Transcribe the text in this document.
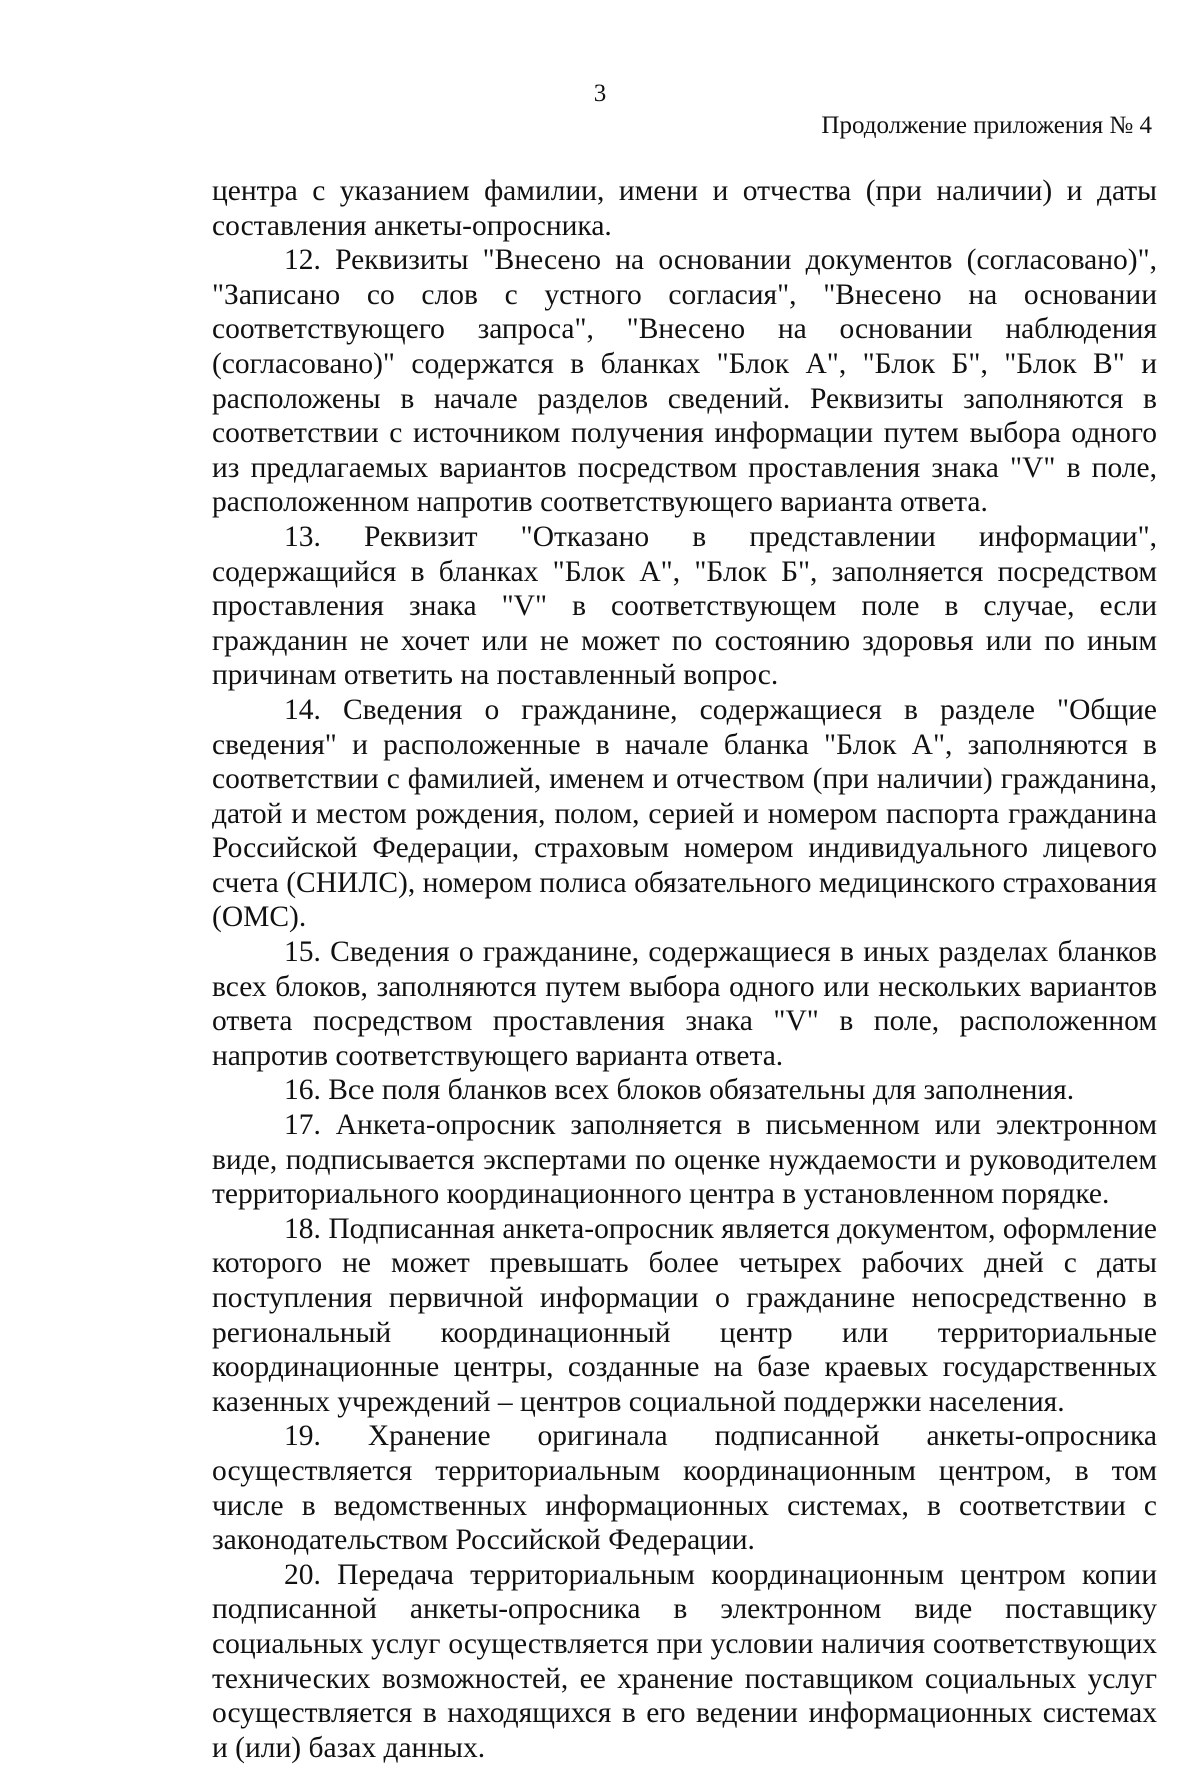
3
Продолжение приложения № 4

центра с указанием фамилии, имени и отчества (при наличии) и даты составления анкеты-опросника.

12. Реквизиты "Внесено на основании документов (согласовано)", "Записано со слов с устного согласия", "Внесено на основании соответствующего запроса", "Внесено на основании наблюдения (согласовано)" содержатся в бланках "Блок А", "Блок Б", "Блок В" и расположены в начале разделов сведений. Реквизиты заполняются в соответствии с источником получения информации путем выбора одного из предлагаемых вариантов посредством проставления знака "V" в поле, расположенном напротив соответствующего варианта ответа.

13. Реквизит "Отказано в представлении информации", содержащийся в бланках "Блок А", "Блок Б", заполняется посредством проставления знака "V" в соответствующем поле в случае, если гражданин не хочет или не может по состоянию здоровья или по иным причинам ответить на поставленный вопрос.

14. Сведения о гражданине, содержащиеся в разделе "Общие сведения" и расположенные в начале бланка "Блок А", заполняются в соответствии с фамилией, именем и отчеством (при наличии) гражданина, датой и местом рождения, полом, серией и номером паспорта гражданина Российской Федерации, страховым номером индивидуального лицевого счета (СНИЛС), номером полиса обязательного медицинского страхования (ОМС).

15. Сведения о гражданине, содержащиеся в иных разделах бланков всех блоков, заполняются путем выбора одного или нескольких вариантов ответа посредством проставления знака "V" в поле, расположенном напротив соответствующего варианта ответа.

16. Все поля бланков всех блоков обязательны для заполнения.

17. Анкета-опросник заполняется в письменном или электронном виде, подписывается экспертами по оценке нуждаемости и руководителем территориального координационного центра в установленном порядке.

18. Подписанная анкета-опросник является документом, оформление которого не может превышать более четырех рабочих дней с даты поступления первичной информации о гражданине непосредственно в региональный координационный центр или территориальные координационные центры, созданные на базе краевых государственных казенных учреждений – центров социальной поддержки населения.

19. Хранение оригинала подписанной анкеты-опросника осуществляется территориальным координационным центром, в том числе в ведомственных информационных системах, в соответствии с законодательством Российской Федерации.

20. Передача территориальным координационным центром копии подписанной анкеты-опросника в электронном виде поставщику социальных услуг осуществляется при условии наличия соответствующих технических возможностей, ее хранение поставщиком социальных услуг осуществляется в находящихся в его ведении информационных системах и (или) базах данных.
